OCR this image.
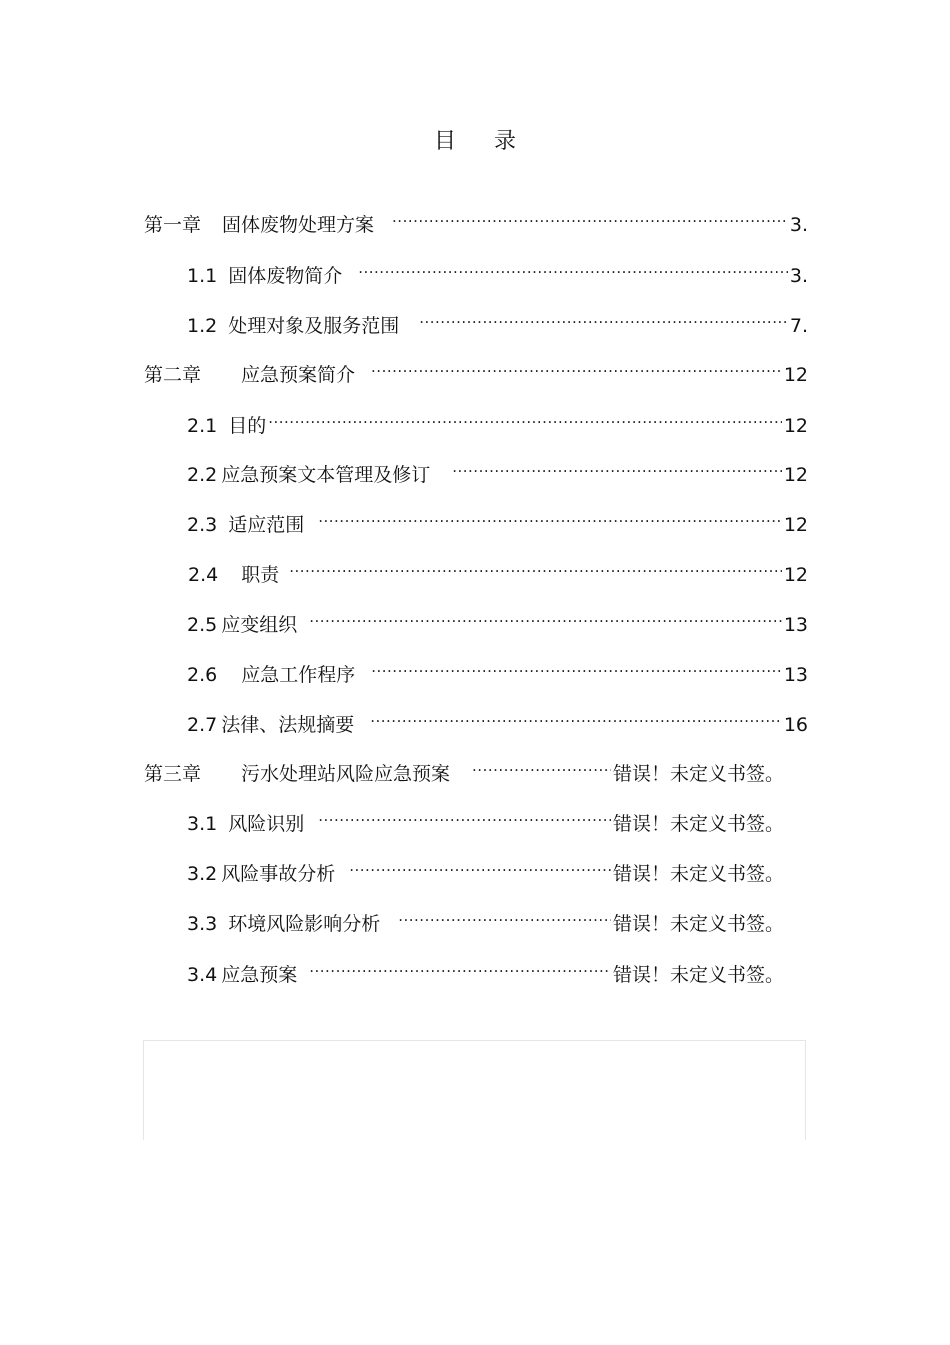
目 录
第一章 固体废物处理方案 .....	3.
1.1 固体废物简介 .....	3.
1.2 处理对象及服务范围 .....	7.
第二章 应急预案简介 .....	12
2.1 目的 .....	12
2.2 应急预案文本管理及修订 .....	12
2.3 适应范围 .....	12
2.4 职责 .....	12
2.5 应变组织 .....	13
2.6 应急工作程序 .....	13
2.7 法律、法规摘要 .....	16
第三章 污水处理站风险应急预案 .....	错误！未定义书签。
3.1 风险识别 .....	错误！未定义书签。
3.2 风险事故分析 .....	错误！未定义书签。
3.3 环境风险影响分析 .....	错误！未定义书签。
3.4 应急预案 .....	错误！未定义书签。
